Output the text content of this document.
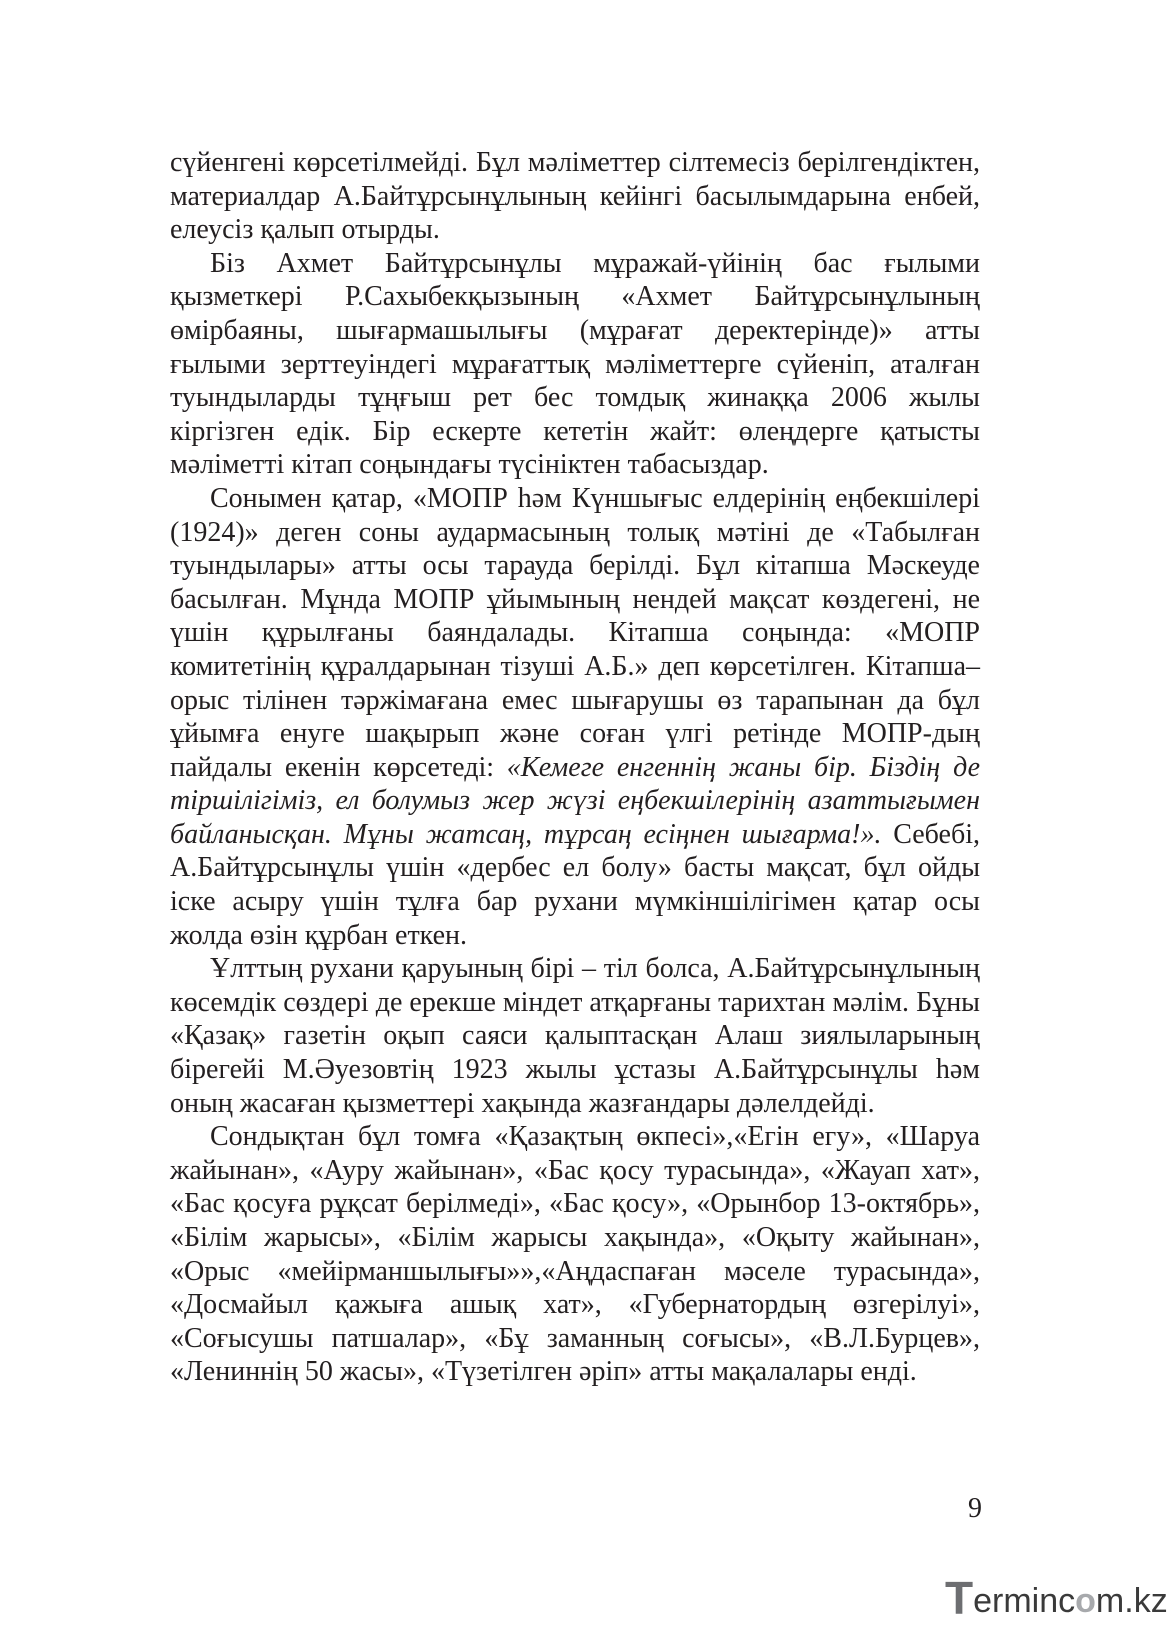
сүйенгені көрсетілмейді. Бұл мәліметтер сілтемесіз берілгендіктен, материалдар А.Байтұрсынұлының кейінгі басылымдарына енбей, елеусіз қалып отырды.

Біз Ахмет Байтұрсынұлы мұражай-үйінің бас ғылыми қызметкері Р.Сахыбекқызының «Ахмет Байтұрсынұлының өмірбаяны, шығармашылығы (мұрағат деректерінде)» атты ғылыми зерттеуіндегі мұрағаттық мәліметтерге сүйеніп, аталған туындыларды тұңғыш рет бес томдық жинаққа 2006 жылы кіргізген едік. Бір ескерте кететін жайт: өлеңдерге қатысты мәліметті кітап соңындағы түсініктен табасыздар.

Сонымен қатар, «МОПР һәм Күншығыс елдерінің еңбекшілері (1924)» деген соны аудармасының толық мәтіні де «Табылған туындылары» атты осы тарауда берілді. Бұл кітапша Мәскеуде басылған. Мұнда МОПР ұйымының нендей мақсат көздегені, не үшін құрылғаны баяндалады. Кітапша соңында: «МОПР комитетінің құралдарынан тізуші А.Б.» деп көрсетілген. Кітапша–орыс тілінен тәржімағана емес шығарушы өз тарапынан да бұл ұйымға енуге шақырып және соған үлгі ретінде МОПР-дың пайдалы екенін көрсетеді: «Кемеге енгеннің жаны бір. Біздің де тіршілігіміз, ел болумыз жер жүзі еңбекшілерінің азаттығымен байланысқан. Мұны жатсаң, тұрсаң есіңнен шығарма!». Себебі, А.Байтұрсынұлы үшін «дербес ел болу» басты мақсат, бұл ойды іске асыру үшін тұлға бар рухани мүмкіншілігімен қатар осы жолда өзін құрбан еткен.

Ұлттың рухани қаруының бірі – тіл болса, А.Байтұрсынұлының көсемдік сөздері де ерекше міндет атқарғаны тарихтан мәлім. Бұны «Қазақ» газетін оқып саяси қалыптасқан Алаш зиялыларының бірегейі М.Әуезовтің 1923 жылы ұстазы А.Байтұрсынұлы һәм оның жасаған қызметтері хақында жазғандары дәлелдейді.

Сондықтан бұл томға «Қазақтың өкпесі»,«Егін егу», «Шаруа жайынан», «Ауру жайынан», «Бас қосу турасында», «Жауап хат», «Бас қосуға рұқсат берілмеді», «Бас қосу», «Орынбор 13-октябрь», «Білім жарысы», «Білім жарысы хақында», «Оқыту жайынан», «Орыс «мейірманшылығы»»,«Аңдаспаған мәселе турасында», «Досмайыл қажыға ашық хат», «Губернатордың өзгерілуі», «Соғысушы патшалар», «Бұ заманның соғысы», «В.Л.Бурцев», «Лениннің 50 жасы», «Түзетілген әріп» атты мақалалары енді.

9
Termincom.kz
